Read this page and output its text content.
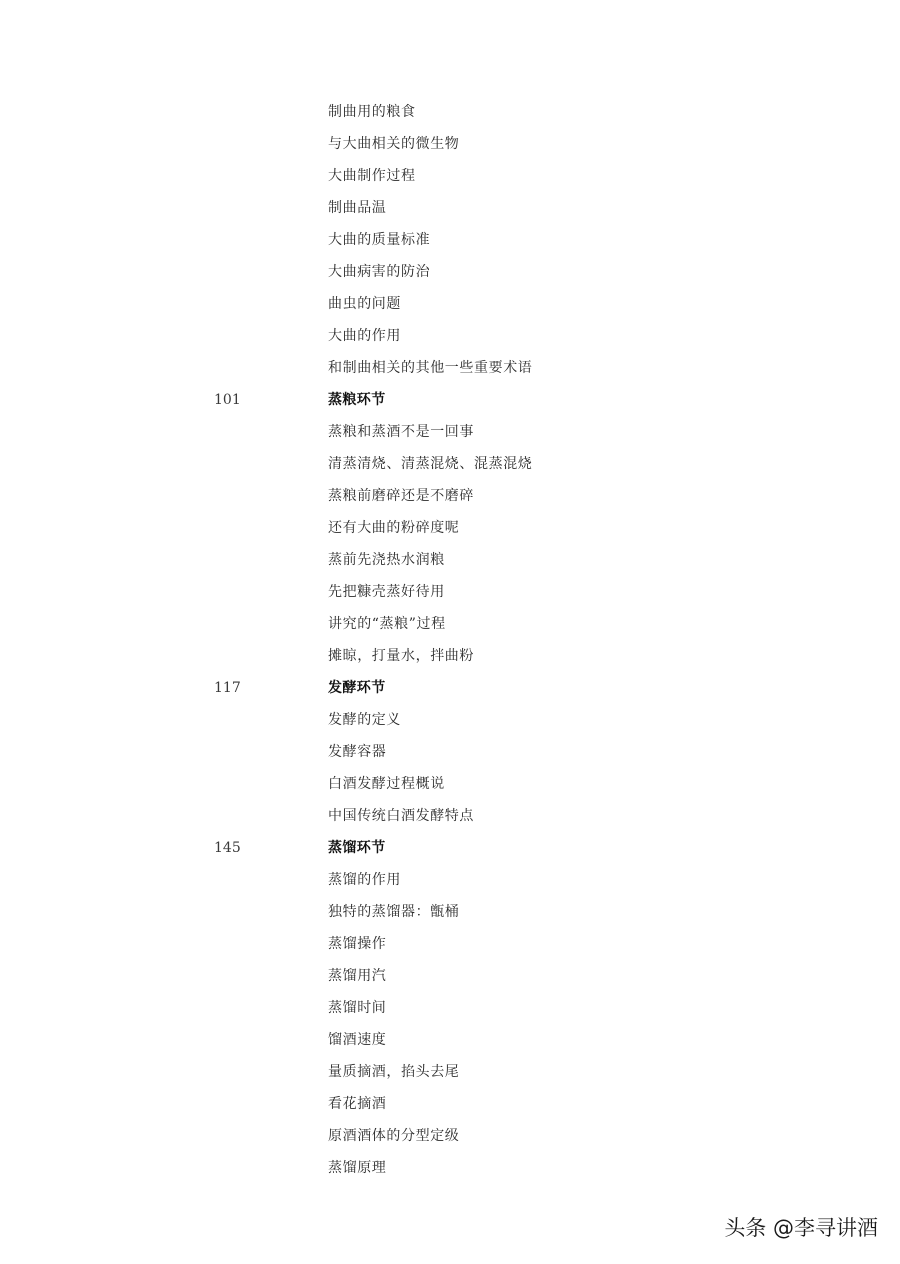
制曲用的粮食
与大曲相关的微生物
大曲制作过程
制曲品温
大曲的质量标准
大曲病害的防治
曲虫的问题
大曲的作用
和制曲相关的其他一些重要术语
101	蒸粮环节
蒸粮和蒸酒不是一回事
清蒸清烧、清蒸混烧、混蒸混烧
蒸粮前磨碎还是不磨碎
还有大曲的粉碎度呢
蒸前先浇热水润粮
先把糠壳蒸好待用
讲究的“蒸粮”过程
摊晾，打量水，拌曲粉
117	发酵环节
发酵的定义
发酵容器
白酒发酵过程概说
中国传统白酒发酵特点
145	蒸馏环节
蒸馏的作用
独特的蒸馏器：甑桶
蒸馏操作
蒸馏用汽
蒸馏时间
馏酒速度
量质摘酒，掐头去尾
看花摘酒
原酒酒体的分型定级
蒸馏原理
头条 @李寻讲酒
